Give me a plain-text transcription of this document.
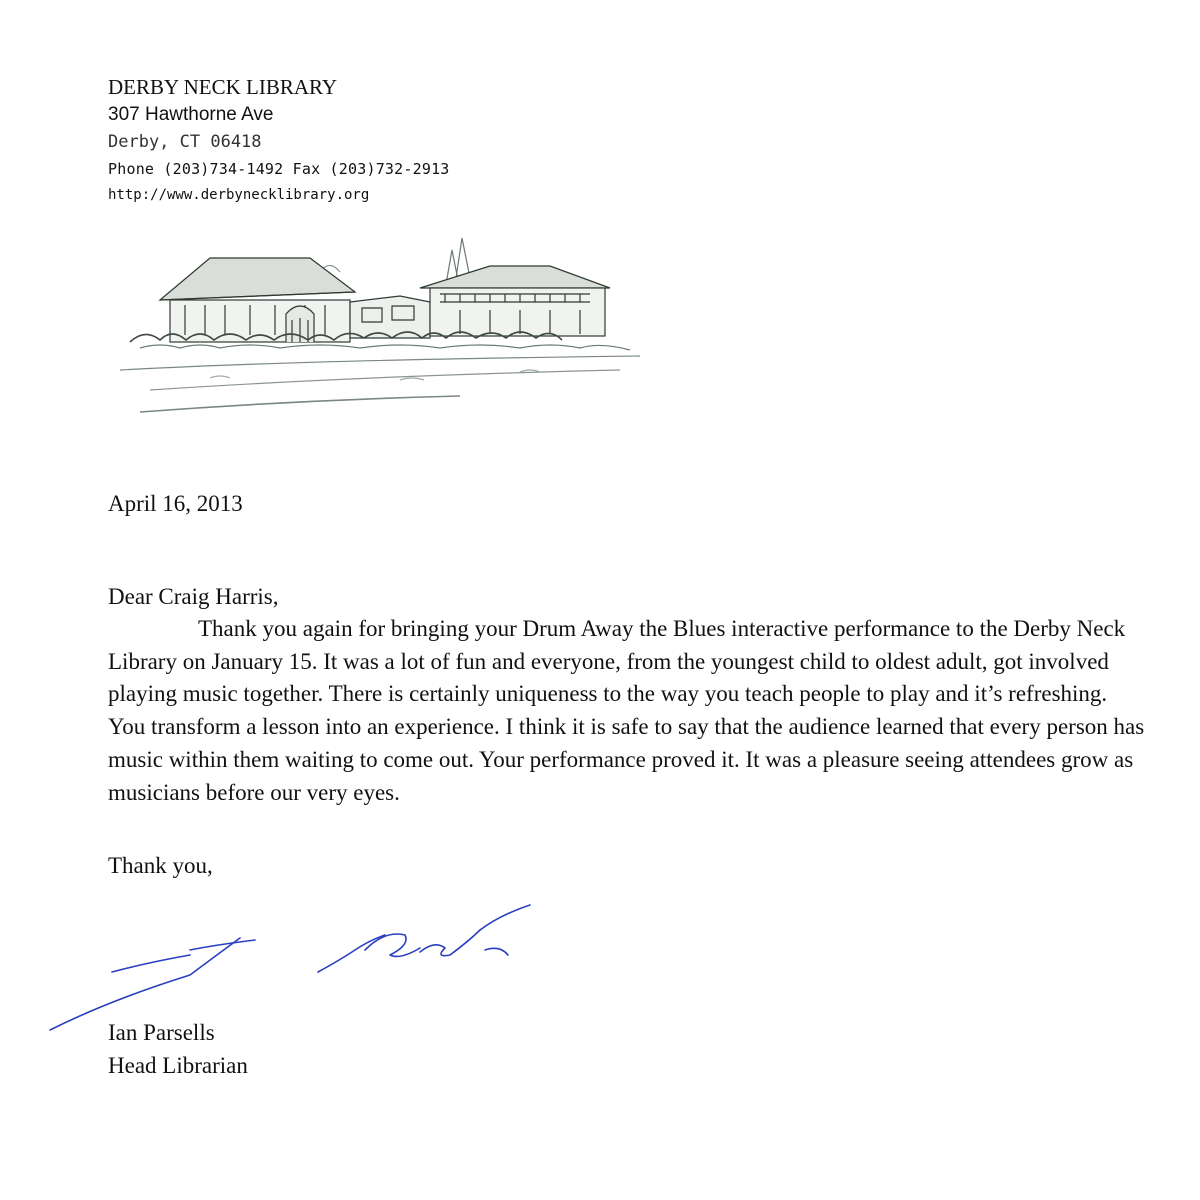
DERBY NECK LIBRARY

307 Hawthorne Ave

Derby, CT 06418

Phone (203)734-1492 Fax (203)732-2913

http://www.derbynecklibrary.org

April 16, 2013

Dear Craig Harris,

Thank you again for bringing your Drum Away the Blues interactive performance to the Derby Neck Library on January 15. It was a lot of fun and everyone, from the youngest child to oldest adult, got involved playing music together. There is certainly uniqueness to the way you teach people to play and it’s refreshing. You transform a lesson into an experience. I think it is safe to say that the audience learned that every person has music within them waiting to come out. Your performance proved it. It was a pleasure seeing attendees grow as musicians before our very eyes.

Thank you,

Ian Parsells

Head Librarian
